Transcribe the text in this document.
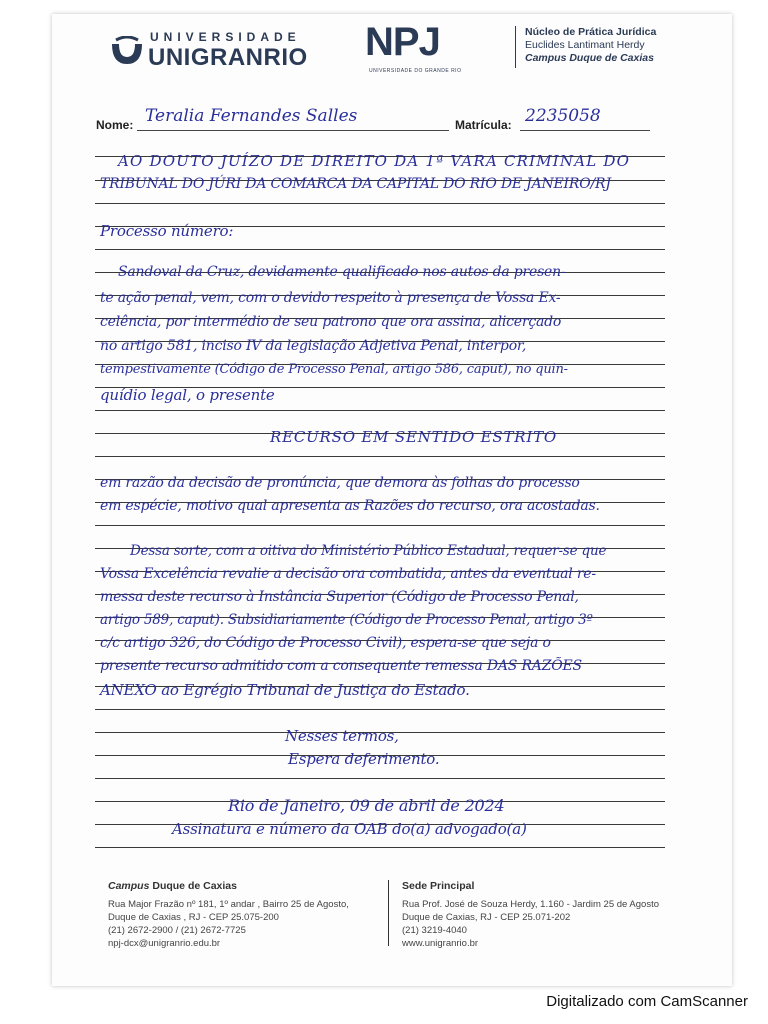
UNIVERSIDADE
UNIGRANRIO NPJ
UNIVERSIDADE DO GRANDE RIO
Núcleo de Prática Jurídica
Euclides Lantimant Herdy
Campus Duque de Caxias
Nome: Teralia Fernandes Salles	Matrícula: 2235058
AO DOUTO JUÍZO DE DIREITO DA 1ª VARA CRIMINAL DO
TRIBUNAL DO JÚRI DA COMARCA DA CAPITAL DO RIO DE JANEIRO/RJ
Processo número:
Sandoval da Cruz, devidamente qualificado nos autos da presen-
te ação penal, vem, com o devido respeito à presença de Vossa Ex-
celência, por intermédio de seu patrono que ora assina, alicerçado
no artigo 581, inciso IV da legislação Adjetiva Penal, interpor,
tempestivamente (Código de Processo Penal, artigo 586, caput), no quin-
quídio legal, o presente
RECURSO EM SENTIDO ESTRITO
em razão da decisão de pronúncia, que demora às folhas do processo
em espécie, motivo qual apresenta as Razões do recurso, ora acostadas.
Dessa sorte, com a oitiva do Ministério Público Estadual, requer-se que
Vossa Excelência revalie a decisão ora combatida, antes da eventual re-
messa deste recurso à Instância Superior (Código de Processo Penal,
artigo 589, caput). Subsidiariamente (Código de Processo Penal, artigo 3º
c/c artigo 326, do Código de Processo Civil), espera-se que seja o
presente recurso admitido com a consequente remessa DAS RAZÕES
ANEXO ao Egrégio Tribunal de Justiça do Estado.
Nesses termos,
Espera deferimento.
Rio de Janeiro, 09 de abril de 2024
Assinatura e número da OAB do(a) advogado(a)
Campus Duque de Caxias
Rua Major Frazão nº 181, 1º andar , Bairro 25 de Agosto,
Duque de Caxias , RJ - CEP 25.075-200
(21) 2672-2900 / (21) 2672-7725
npj-dcx@unigranrio.edu.br
Sede Principal
Rua Prof. José de Souza Herdy, 1.160 - Jardim 25 de Agosto
Duque de Caxias, RJ - CEP 25.071-202
(21) 3219-4040
www.unigranrio.br
Digitalizado com CamScanner
